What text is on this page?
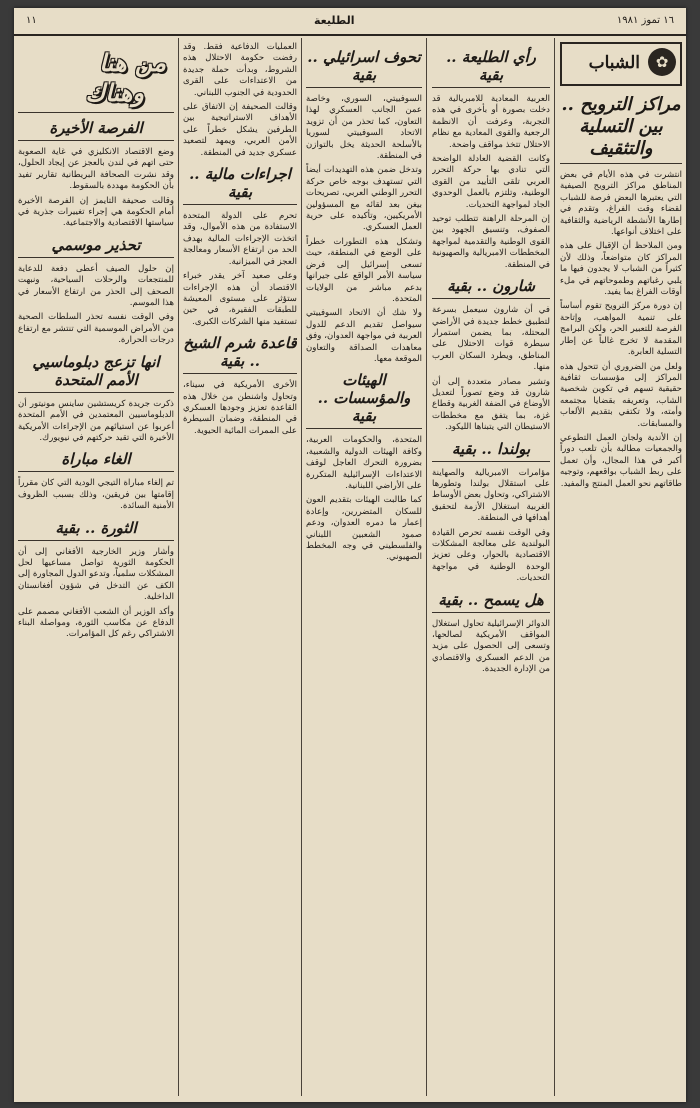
١٦ تموز ١٩٨١
الطليعة
١١
✿
الشباب
مراكز الترويح .. بين التسلية والتثقيف

انتشرت في هذه الأيام في بعض المناطق مراكز الترويح الصيفية التي يعتبرها البعض فرصة للشباب لقضاء وقت الفراغ، وتقدم في إطارها الأنشطة الرياضية والثقافية على اختلاف أنواعها.

ومن الملاحظ أن الإقبال على هذه المراكز كان متواضعاً، وذلك لأن كثيراً من الشباب لا يجدون فيها ما يلبي رغباتهم وطموحاتهم في ملء أوقات الفراغ بما يفيد.

إن دورة مركز الترويح تقوم أساساً على تنمية المواهب، وإتاحة الفرصة للتعبير الحر، ولكن البرامج المقدمة لا تخرج غالباً عن إطار التسلية العابرة.

ولعل من الضروري أن تتحول هذه المراكز إلى مؤسسات ثقافية حقيقية تسهم في تكوين شخصية الشاب، وتعريفه بقضايا مجتمعه وأمته، ولا تكتفي بتقديم الألعاب والمسابقات.

إن الأندية ولجان العمل التطوعي والجمعيات مطالبة بأن تلعب دوراً أكبر في هذا المجال، وأن تعمل على ربط الشباب بواقعهم، وتوجيه طاقاتهم نحو العمل المنتج والمفيد.

رأي الطليعة .. بقية

العربية المعادية للامبريالية قد دخلت بصورة أو بأخرى في هذه التجربة، وعرفت أن الانظمة الرجعية والقوى المعادية مع نظام الاحتلال تتخذ مواقف واضحة.

وكانت القضية العادلة الواضحة التي تنادي بها حركة التحرر العربي تلقى التأييد من القوى الوطنية، وتلتزم بالعمل الوحدوي الجاد لمواجهة التحديات.

إن المرحلة الراهنة تتطلب توحيد الصفوف، وتنسيق الجهود بين القوى الوطنية والتقدمية لمواجهة المخططات الامبريالية والصهيونية في المنطقة.

شارون .. بقية

في أن شارون سيعمل بسرعة لتطبيق خطط جديدة في الأراضي المحتلة، بما يضمن استمرار سيطرة قوات الاحتلال على المناطق، ويطرد السكان العرب منها.

وتشير مصادر متعددة إلى أن شارون قد وضع تصوراً لتعديل الأوضاع في الضفة الغربية وقطاع غزة، بما يتفق مع مخططات الاستيطان التي يتبناها الليكود.

بولندا .. بقية

مؤامرات الامبريالية والصهاينة على استقلال بولندا وتطورها الاشتراكي، وتحاول بعض الأوساط الغربية استغلال الأزمة لتحقيق أهدافها في المنطقة.

وفي الوقت نفسه تحرص القيادة البولندية على معالجة المشكلات الاقتصادية بالحوار، وعلى تعزيز الوحدة الوطنية في مواجهة التحديات.

هل يسمح .. بقية

الدوائر الإسرائيلية تحاول استغلال المواقف الأمريكية لصالحها، وتسعى إلى الحصول على مزيد من الدعم العسكري والاقتصادي من الإدارة الجديدة.

تحوف اسرائيلي .. بقية

السوفييتي، السوري، وخاصة عمن الجانب العسكري لهذا التعاون، كما تحذر من أن تزويد الاتحاد السوفييتي لسوريا بالأسلحة الحديثة يخل بالتوازن في المنطقة.

وتدخل ضمن هذه التهديدات أيضاً التي تستهدف بوجه خاص حركة التحرر الوطني العربي، تصريحات بيغن بعد لقائه مع المسؤولين الأمريكيين، وتأكيده على حرية العمل العسكري.

وتشكل هذه التطورات خطراً على الوضع في المنطقة، حيث تسعى إسرائيل إلى فرض سياسة الأمر الواقع على جيرانها بدعم مباشر من الولايات المتحدة.

ولا شك أن الاتحاد السوفييتي سيواصل تقديم الدعم للدول العربية في مواجهة العدوان، وفق معاهدات الصداقة والتعاون الموقعة معها.

الهيئات والمؤسسات .. بقية

المتحدة، والحكومات العربية، وكافة الهيئات الدولية والشعبية، بضرورة التحرك العاجل لوقف الاعتداءات الإسرائيلية المتكررة على الأراضي اللبنانية.

كما طالبت الهيئات بتقديم العون للسكان المتضررين، وإعادة إعمار ما دمره العدوان، ودعم صمود الشعبين اللبناني والفلسطيني في وجه المخطط الصهيوني.

العمليات الدفاعية فقط. وقد رفضت حكومة الاحتلال هذه الشروط، وبدأت حملة جديدة من الاعتداءات على القرى الحدودية في الجنوب اللبناني.

وقالت الصحيفة إن الاتفاق على الأهداف الاستراتيجية بين الطرفين يشكل خطراً على الأمن العربي، ويمهد لتصعيد عسكري جديد في المنطقة.

اجراءات مالية .. بقية

تحرم على الدولة المتحدة الاستفادة من هذه الأموال، وقد اتخذت الإجراءات المالية بهدف الحد من ارتفاع الأسعار ومعالجة العجز في الميزانية.

وعلى صعيد آخر يقدر خبراء الاقتصاد أن هذه الإجراءات ستؤثر على مستوى المعيشة للطبقات الفقيرة، في حين تستفيد منها الشركات الكبرى.

قاعدة شرم الشيخ .. بقية

الأخرى الأمريكية في سيناء، وتحاول واشنطن من خلال هذه القاعدة تعزيز وجودها العسكري في المنطقة، وضمان السيطرة على الممرات المائية الحيوية.

من هنا
وهناك
الفرصة الأخيرة

وضع الاقتصاد الانكليزي في غاية الصعوبة حتى اتهم في لندن بالعجز عن إيجاد الحلول، وقد نشرت الصحافة البريطانية تقارير تفيد بأن الحكومة مهددة بالسقوط.

وقالت صحيفة التايمز إن الفرصة الأخيرة أمام الحكومة هي إجراء تغييرات جذرية في سياستها الاقتصادية والاجتماعية.

تحذير موسمي

إن حلول الصيف أعطى دفعة للدعاية للمنتجعات والرحلات السياحية، ونبهت الصحف إلى الحذر من ارتفاع الأسعار في هذا الموسم.

وفي الوقت نفسه تحذر السلطات الصحية من الأمراض الموسمية التي تنتشر مع ارتفاع درجات الحرارة.

انها تزعج دبلوماسيي الأمم المتحدة

ذكرت جريدة كريستشين ساينس مونيتور أن الدبلوماسيين المعتمدين في الأمم المتحدة أعربوا عن استيائهم من الإجراءات الأمريكية الأخيرة التي تقيد حركتهم في نيويورك.

الغاء مباراة

تم إلغاء مباراة التيجي الودية التي كان مقرراً إقامتها بين فريقين، وذلك بسبب الظروف الأمنية السائدة.

الثورة .. بقية

وأشار وزير الخارجية الأفغاني إلى أن الحكومة الثورية تواصل مساعيها لحل المشكلات سلمياً، وتدعو الدول المجاورة إلى الكف عن التدخل في شؤون أفغانستان الداخلية.

وأكد الوزير أن الشعب الأفغاني مصمم على الدفاع عن مكاسب الثورة، ومواصلة البناء الاشتراكي رغم كل المؤامرات.
